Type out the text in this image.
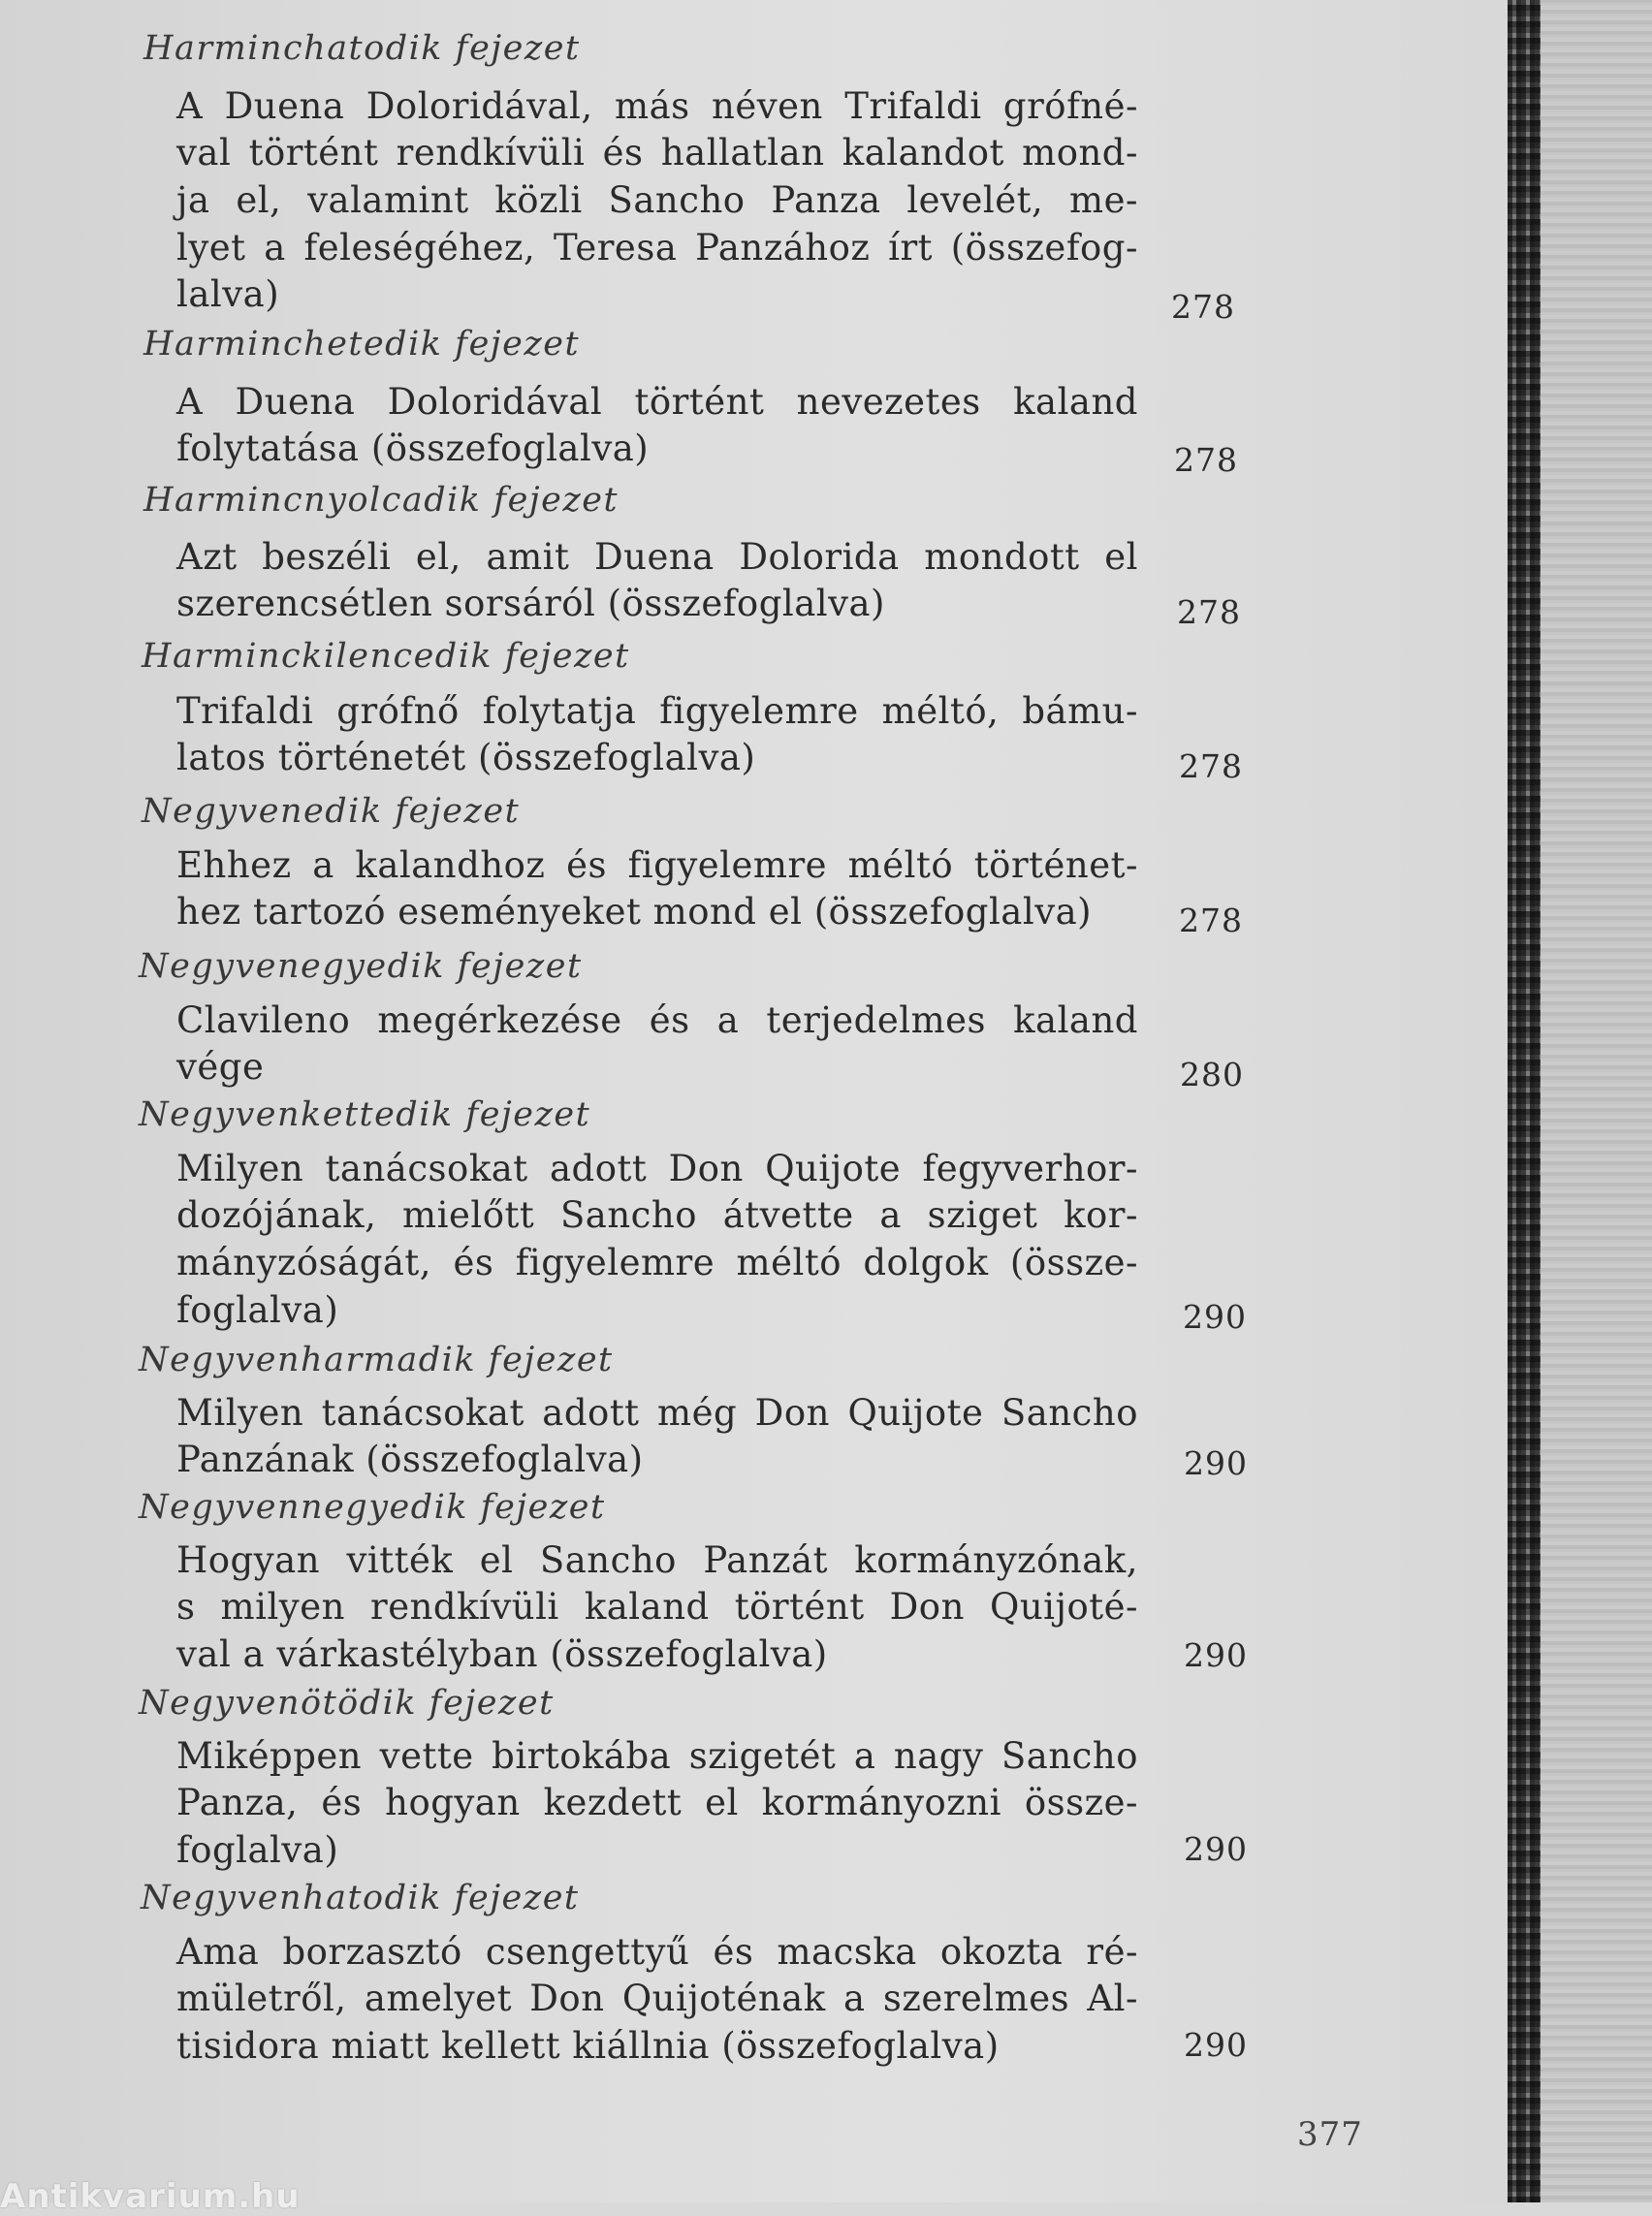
Harminchatodik fejezet
A Duena Doloridával, más néven Trifaldi grófné-
val történt rendkívüli és hallatlan kalandot mond-
ja el, valamint közli Sancho Panza levelét, me-
lyet a feleségéhez, Teresa Panzához írt (összefog-
lalva)	278
Harminchetedik fejezet
A Duena Doloridával történt nevezetes kaland
folytatása (összefoglalva)	278
Harmincnyolcadik fejezet
Azt beszéli el, amit Duena Dolorida mondott el
szerencsétlen sorsáról (összefoglalva)	278
Harminckilencedik fejezet
Trifaldi grófnő folytatja figyelemre méltó, bámu-
latos történetét (összefoglalva)	278
Negyvenedik fejezet
Ehhez a kalandhoz és figyelemre méltó történet-
hez tartozó eseményeket mond el (összefoglalva)	278
Negyvenegyedik fejezet
Clavileno megérkezése és a terjedelmes kaland
vége	280
Negyvenkettedik fejezet
Milyen tanácsokat adott Don Quijote fegyverhor-
dozójának, mielőtt Sancho átvette a sziget kor-
mányzóságát, és figyelemre méltó dolgok (össze-
foglalva)	290
Negyvenharmadik fejezet
Milyen tanácsokat adott még Don Quijote Sancho
Panzának (összefoglalva)	290
Negyvennegyedik fejezet
Hogyan vitték el Sancho Panzát kormányzónak,
s milyen rendkívüli kaland történt Don Quijoté-
val a várkastélyban (összefoglalva)	290
Negyvenötödik fejezet
Miképpen vette birtokába szigetét a nagy Sancho
Panza, és hogyan kezdett el kormányozni össze-
foglalva)	290
Negyvenhatodik fejezet
Ama borzasztó csengettyű és macska okozta ré-
mületről, amelyet Don Quijoténak a szerelmes Al-
tisidora miatt kellett kiállnia (összefoglalva)	290
377
Antikvarium.hu
